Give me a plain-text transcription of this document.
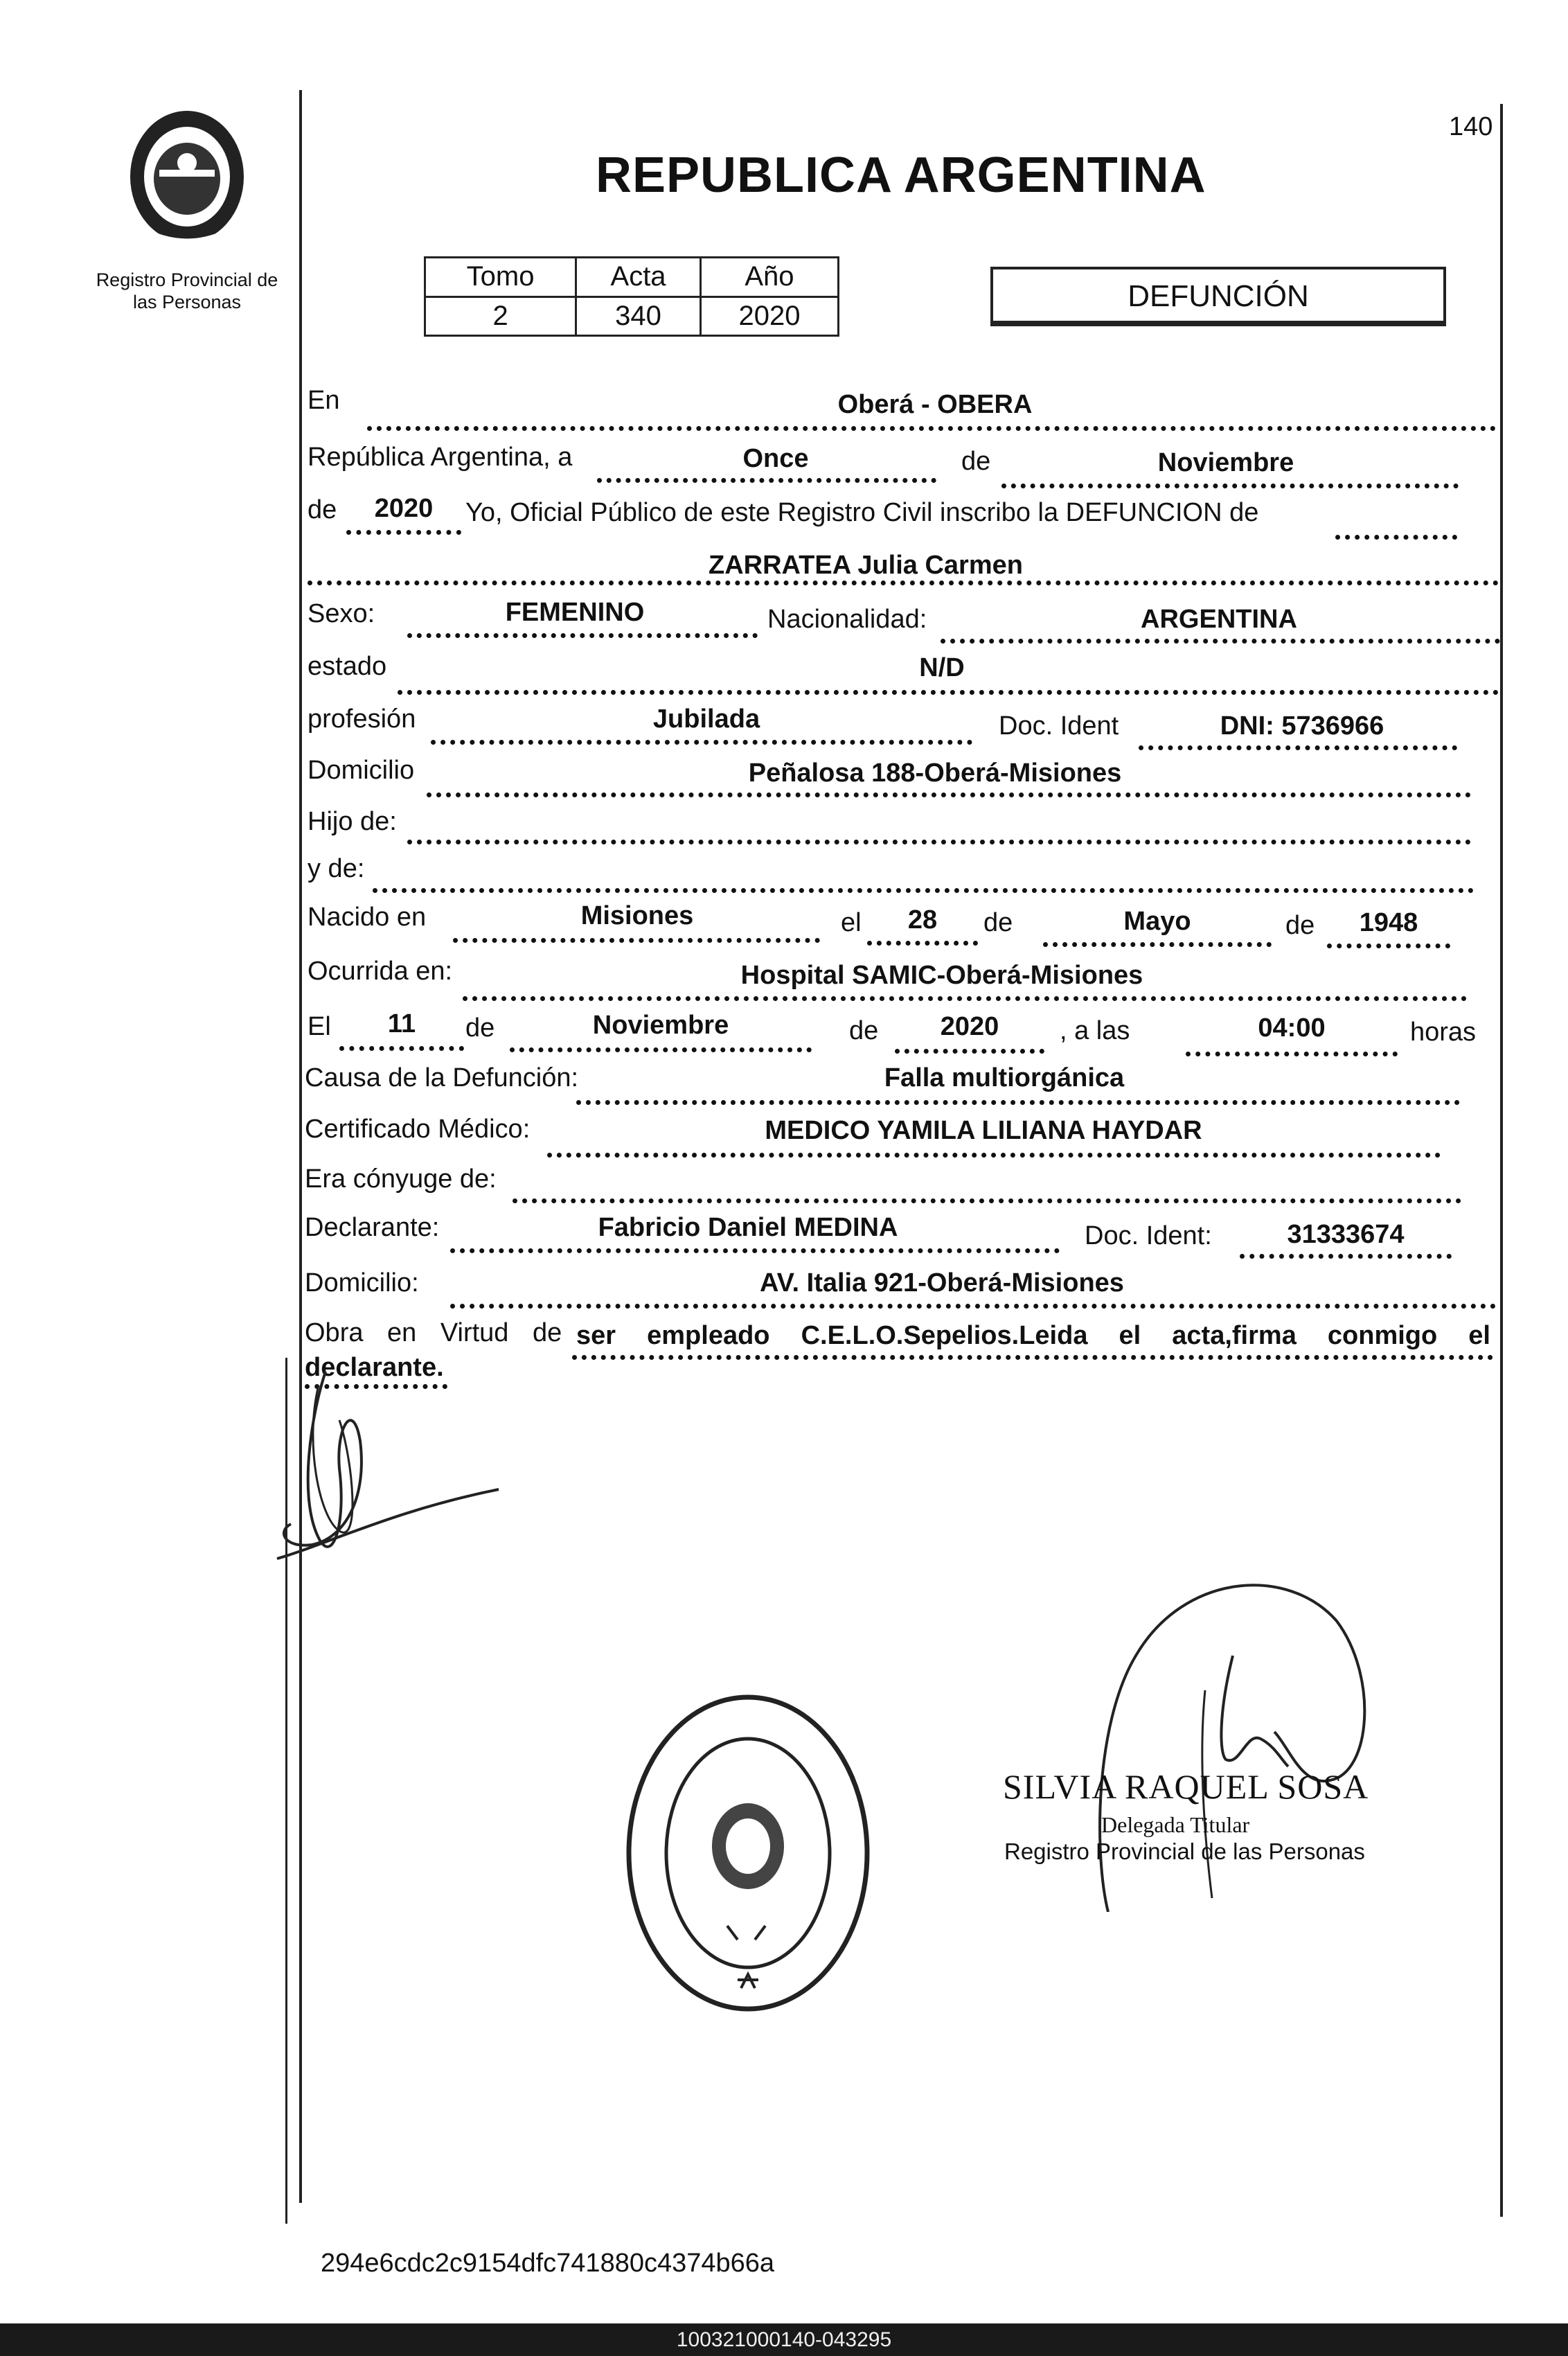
Registro Provincial de las Personas
140
REPUBLICA ARGENTINA
Tomo	Acta	Año
2	340	2020
DEFUNCIÓN
En	Oberá - OBERA
República Argentina, a	Once	de	Noviembre
de	2020	Yo, Oficial Público de este Registro Civil inscribo la DEFUNCION de
ZARRATEA Julia Carmen
Sexo:	FEMENINO	Nacionalidad:	ARGENTINA
estado	N/D
profesión	Jubilada	Doc. Ident	DNI: 5736966
Domicilio	Peñalosa 188-Oberá-Misiones
Hijo de:
y de:
Nacido en	Misiones	el	28	de	Mayo	de	1948
Ocurrida en:	Hospital SAMIC-Oberá-Misiones
El	11	de	Noviembre	de	2020	, a las	04:00	horas
Causa de la Defunción:	Falla multiorgánica
Certificado Médico:	MEDICO YAMILA LILIANA HAYDAR
Era cónyuge de:
Declarante:	Fabricio Daniel MEDINA	Doc. Ident:	31333674
Domicilio:	AV. Italia 921-Oberá-Misiones
Obra en Virtud de ser empleado C.E.L.O.Sepelios.Leida el acta,firma conmigo el
declarante.
SILVIA RAQUEL SOSA
Delegada Titular
Registro Provincial de las Personas
294e6cdc2c9154dfc741880c4374b66a
100321000140-043295
